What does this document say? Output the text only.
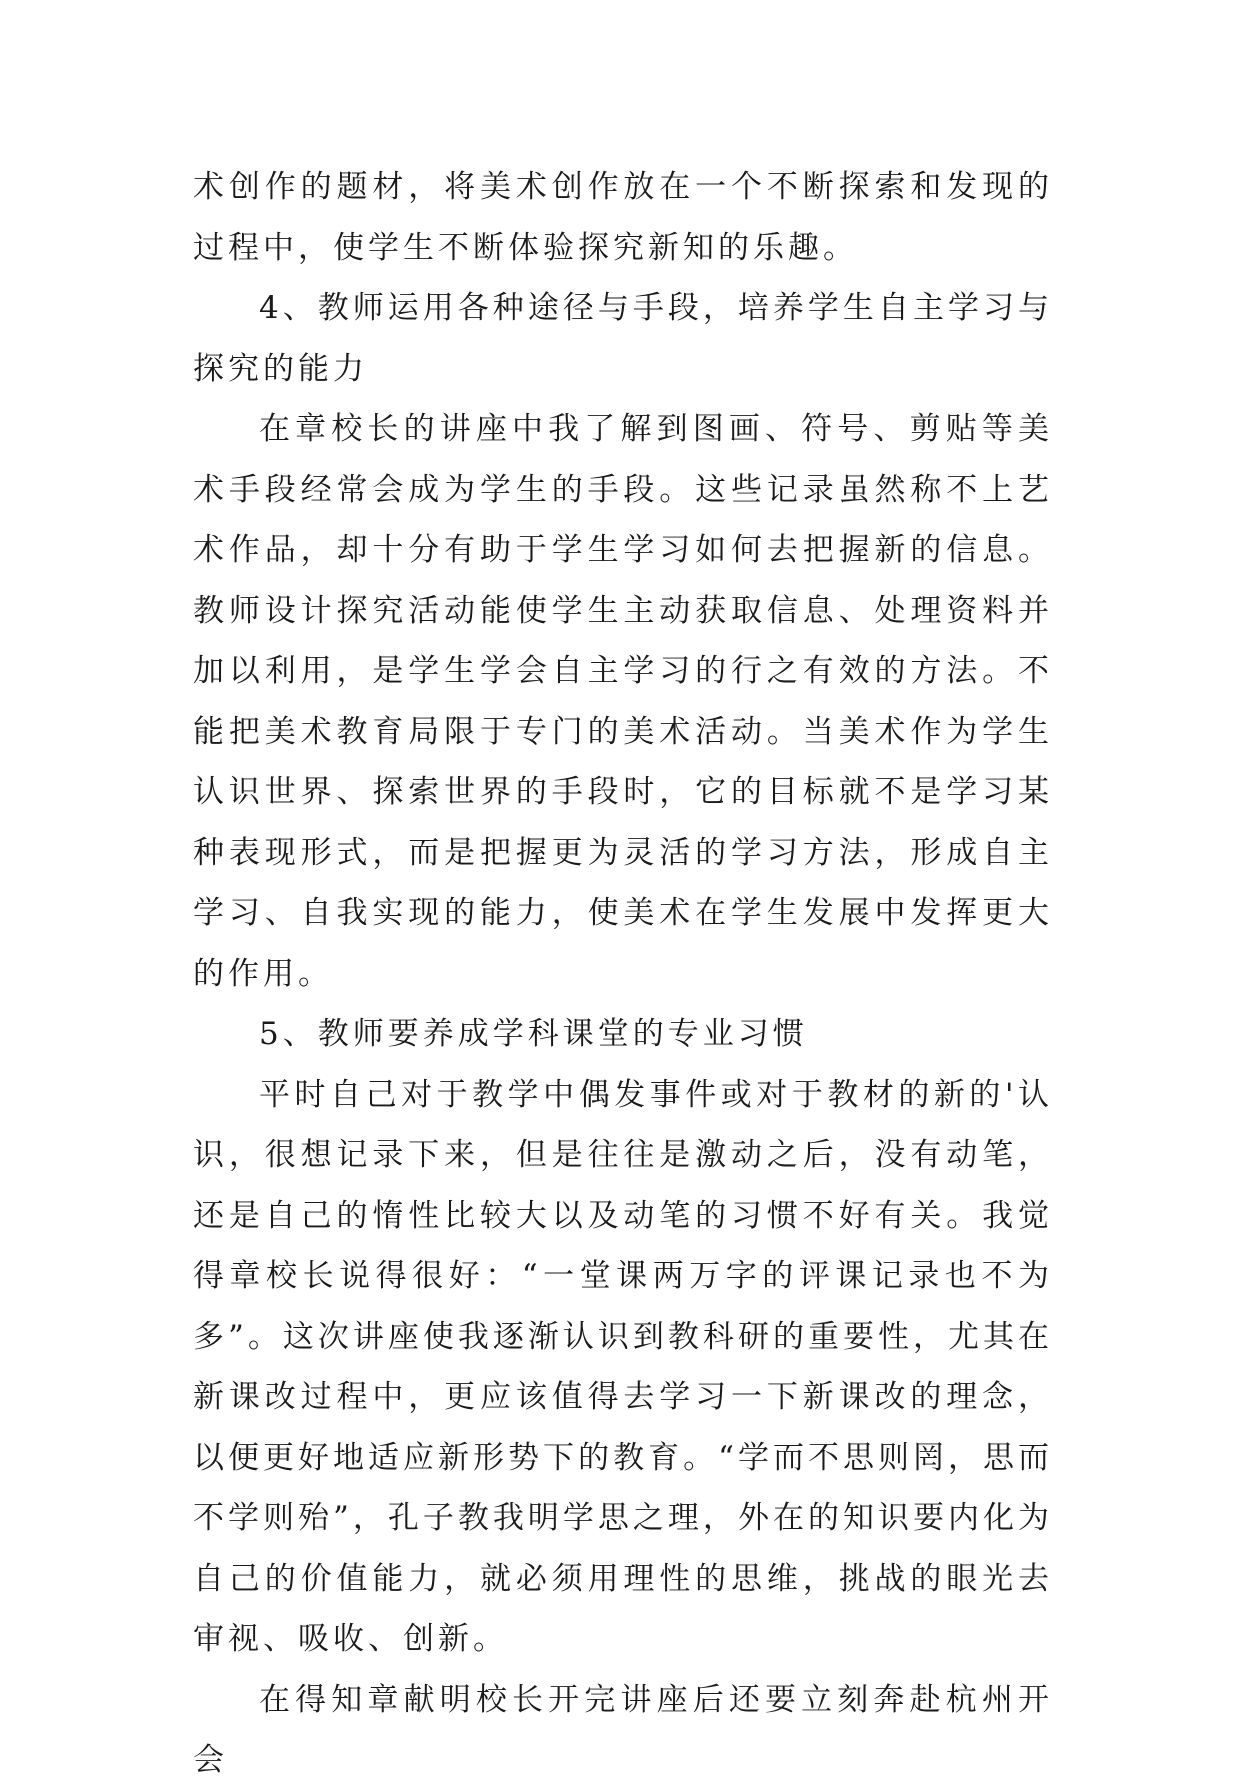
术创作的题材，将美术创作放在一个不断探索和发现的过程中，使学生不断体验探究新知的乐趣。

4、教师运用各种途径与手段，培养学生自主学习与探究的能力

在章校长的讲座中我了解到图画、符号、剪贴等美术手段经常会成为学生的手段。这些记录虽然称不上艺术作品，却十分有助于学生学习如何去把握新的信息。教师设计探究活动能使学生主动获取信息、处理资料并加以利用，是学生学会自主学习的行之有效的方法。不能把美术教育局限于专门的美术活动。当美术作为学生认识世界、探索世界的手段时，它的目标就不是学习某种表现形式，而是把握更为灵活的学习方法，形成自主学习、自我实现的能力，使美术在学生发展中发挥更大的作用。

5、教师要养成学科课堂的专业习惯

平时自己对于教学中偶发事件或对于教材的新的'认识，很想记录下来，但是往往是激动之后，没有动笔，还是自己的惰性比较大以及动笔的习惯不好有关。我觉得章校长说得很好：“一堂课两万字的评课记录也不为多”。这次讲座使我逐渐认识到教科研的重要性，尤其在新课改过程中，更应该值得去学习一下新课改的理念，以便更好地适应新形势下的教育。“学而不思则罔，思而不学则殆”，孔子教我明学思之理，外在的知识要内化为自己的价值能力，就必须用理性的思维，挑战的眼光去审视、吸收、创新。

在得知章献明校长开完讲座后还要立刻奔赴杭州开会
